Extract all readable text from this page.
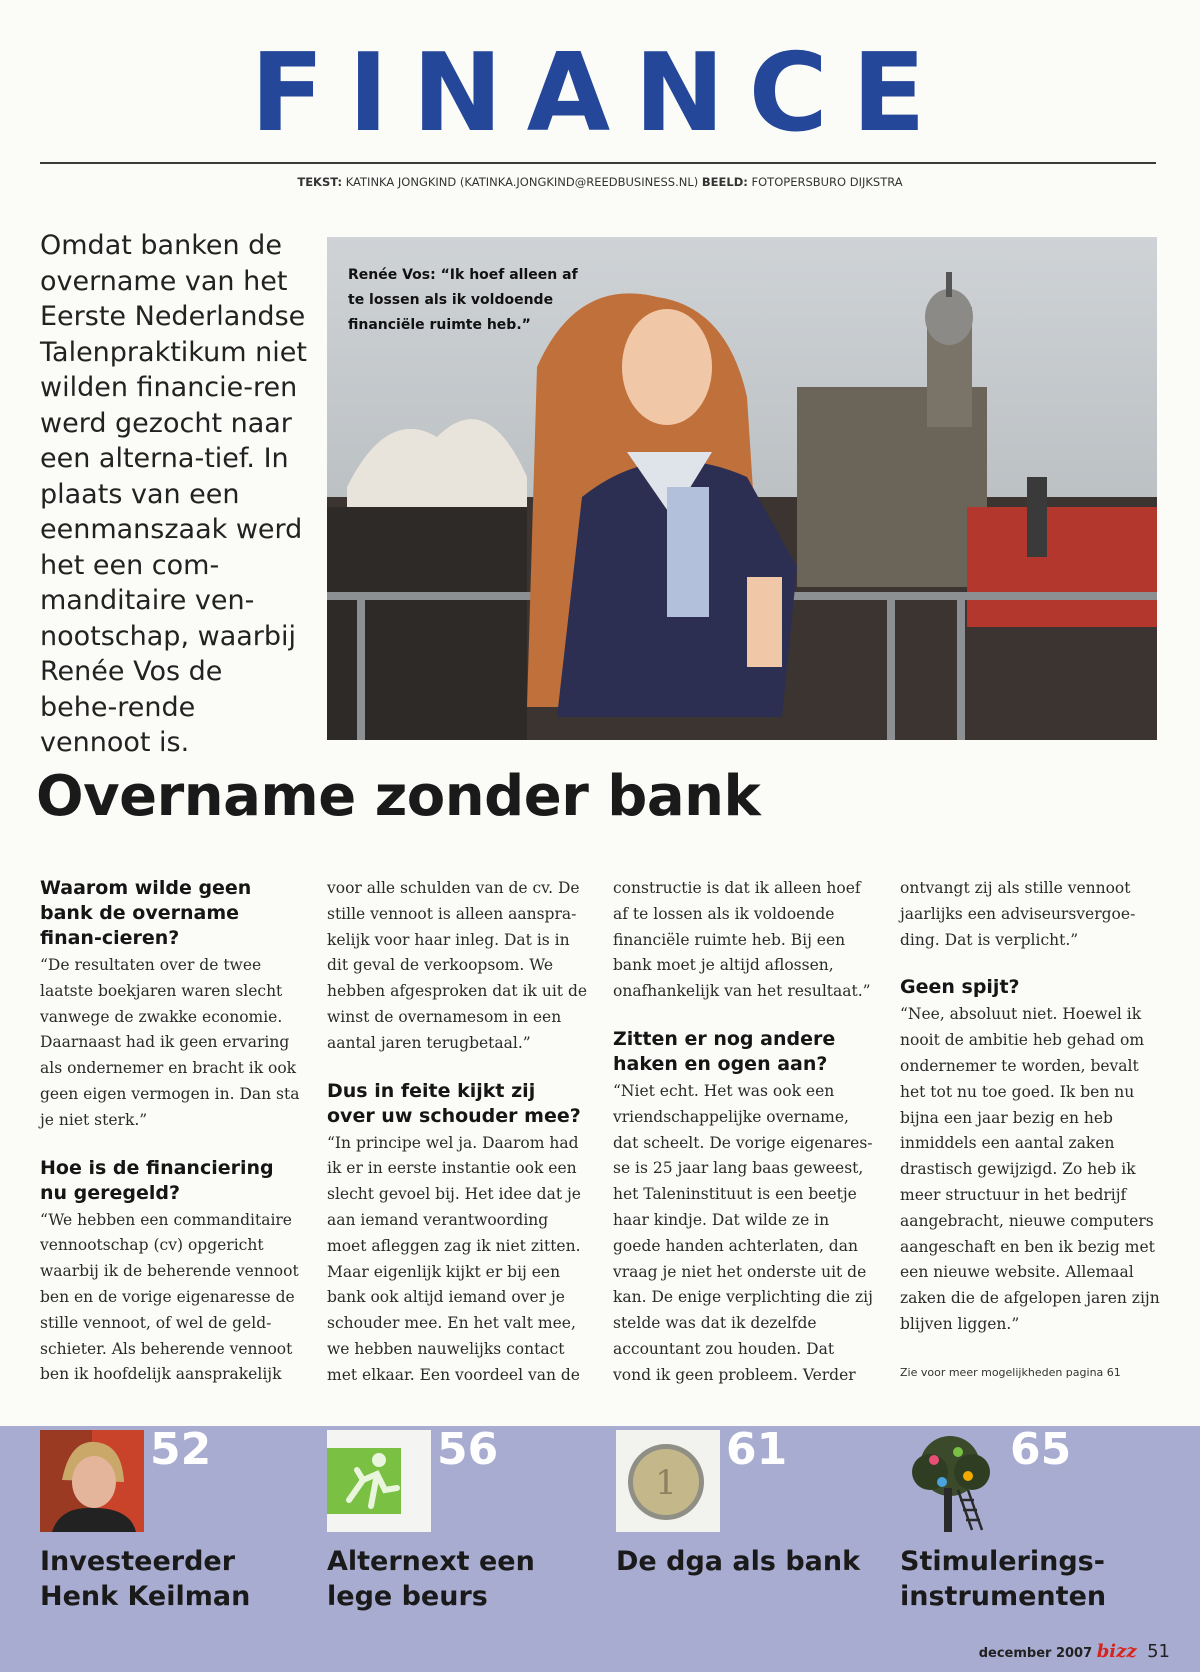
FINANCE
TEKST: KATINKA JONGKIND (KATINKA.JONGKIND@REEDBUSINESS.NL) BEELD: FOTOPERSBURO DIJKSTRA
Omdat banken de overname van het Eerste Nederlandse Talenpraktikum niet wilden financie-ren werd gezocht naar een alterna-tief. In plaats van een eenmanszaak werd het een com-manditaire ven-nootschap, waarbij Renée Vos de behe-rende vennoot is.
Renée Vos: “Ik hoef alleen af te lossen als ik voldoende financiële ruimte heb.”
Overname zonder bank
Waarom wilde geen bank de overname finan-cieren?

“De resultaten over de twee laatste boekjaren waren slecht vanwege de zwakke economie. Daarnaast had ik geen ervaring als ondernemer en bracht ik ook geen eigen vermogen in. Dan sta je niet sterk.”

Hoe is de financiering nu geregeld?

“We hebben een commanditaire vennootschap (cv) opgericht waarbij ik de beherende vennoot ben en de vorige eigenaresse de stille vennoot, of wel de geld-schieter. Als beherende vennoot ben ik hoofdelijk aansprakelijk

voor alle schulden van de cv. De stille vennoot is alleen aanspra-kelijk voor haar inleg. Dat is in dit geval de verkoopsom. We hebben afgesproken dat ik uit de winst de overnamesom in een aantal jaren terugbetaal.”

Dus in feite kijkt zij over uw schouder mee?

“In principe wel ja. Daarom had ik er in eerste instantie ook een slecht gevoel bij. Het idee dat je aan iemand verantwoording moet afleggen zag ik niet zitten. Maar eigenlijk kijkt er bij een bank ook altijd iemand over je schouder mee. En het valt mee, we hebben nauwelijks contact met elkaar. Een voordeel van de

constructie is dat ik alleen hoef af te lossen als ik voldoende financiële ruimte heb. Bij een bank moet je altijd aflossen, onafhankelijk van het resultaat.”

Zitten er nog andere haken en ogen aan?

“Niet echt. Het was ook een vriendschappelijke overname, dat scheelt. De vorige eigenares-se is 25 jaar lang baas geweest, het Taleninstituut is een beetje haar kindje. Dat wilde ze in goede handen achterlaten, dan vraag je niet het onderste uit de kan. De enige verplichting die zij stelde was dat ik dezelfde accountant zou houden. Dat vond ik geen probleem. Verder

ontvangt zij als stille vennoot jaarlijks een adviseursvergoe-ding. Dat is verplicht.”

Geen spijt?

“Nee, absoluut niet. Hoewel ik nooit de ambitie heb gehad om ondernemer te worden, bevalt het tot nu toe goed. Ik ben nu bijna een jaar bezig en heb inmiddels een aantal zaken drastisch gewijzigd. Zo heb ik meer structuur in het bedrijf aangebracht, nieuwe computers aangeschaft en ben ik bezig met een nieuwe website. Allemaal zaken die de afgelopen jaren zijn blijven liggen.”

Zie voor meer mogelijkheden pagina 61
52
Investeerder Henk Keilman
56
Alternext een lege beurs
1
61
De dga als bank
65
Stimulerings-instrumenten
december 2007 bizz 51
